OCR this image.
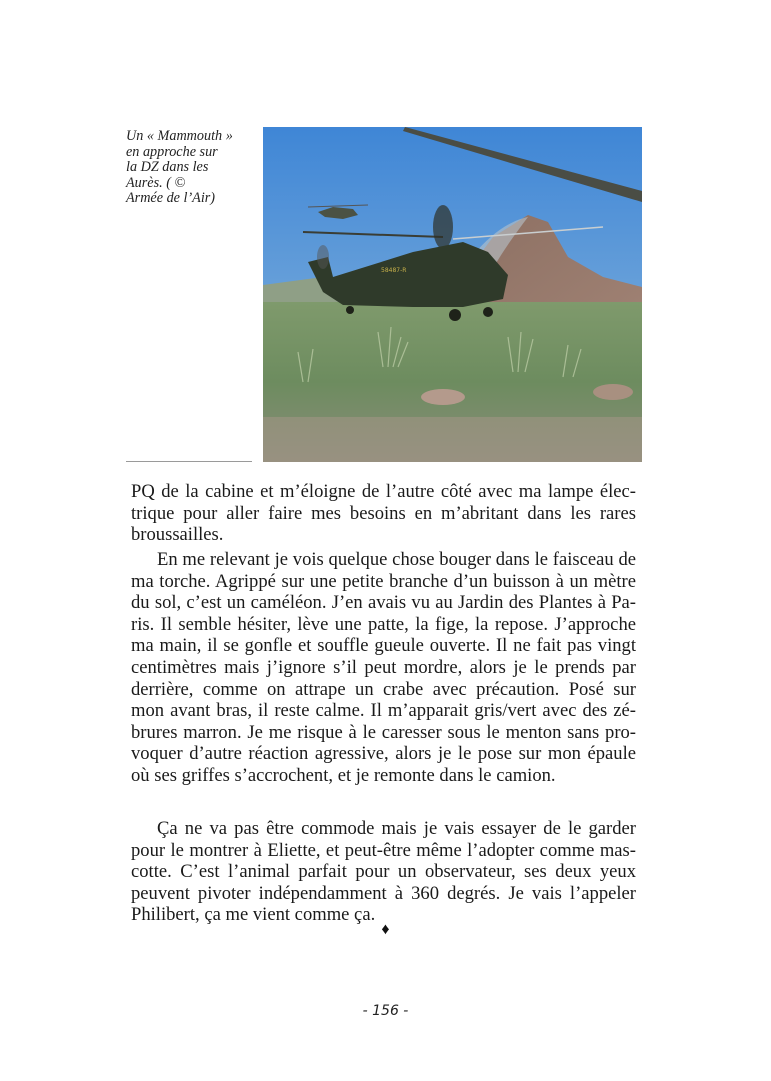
Un « Mammouth »
en approche sur
la DZ dans les
Aurès. ( ©
Armée de l’Air)
58487-R
PQ de la cabine et m’éloigne de l’autre côté avec ma lampe élec-
trique pour aller faire mes besoins en m’abritant dans les rares
broussailles.
En me relevant je vois quelque chose bouger dans le faisceau de
ma torche. Agrippé sur une petite branche d’un buisson à un mètre
du sol, c’est un caméléon. J’en avais vu au Jardin des Plantes à Pa-
ris. Il semble hésiter, lève une patte, la fige, la repose. J’approche
ma main, il se gonfle et souffle gueule ouverte. Il ne fait pas vingt
centimètres mais j’ignore s’il peut mordre, alors je le prends par
derrière, comme on attrape un crabe avec précaution. Posé sur
mon avant bras, il reste calme. Il m’apparait gris/vert avec des zé-
brures marron. Je me risque à le caresser sous le menton sans pro-
voquer d’autre réaction agressive, alors je le pose sur mon épaule
où ses griffes s’accrochent, et je remonte dans le camion.
Ça ne va pas être commode mais je vais essayer de le garder
pour le montrer à Eliette, et peut-être même l’adopter comme mas-
cotte. C’est l’animal parfait pour un observateur, ses deux yeux
peuvent pivoter indépendamment à 360 degrés. Je vais l’appeler
Philibert, ça me vient comme ça.
♦
- 156 -
